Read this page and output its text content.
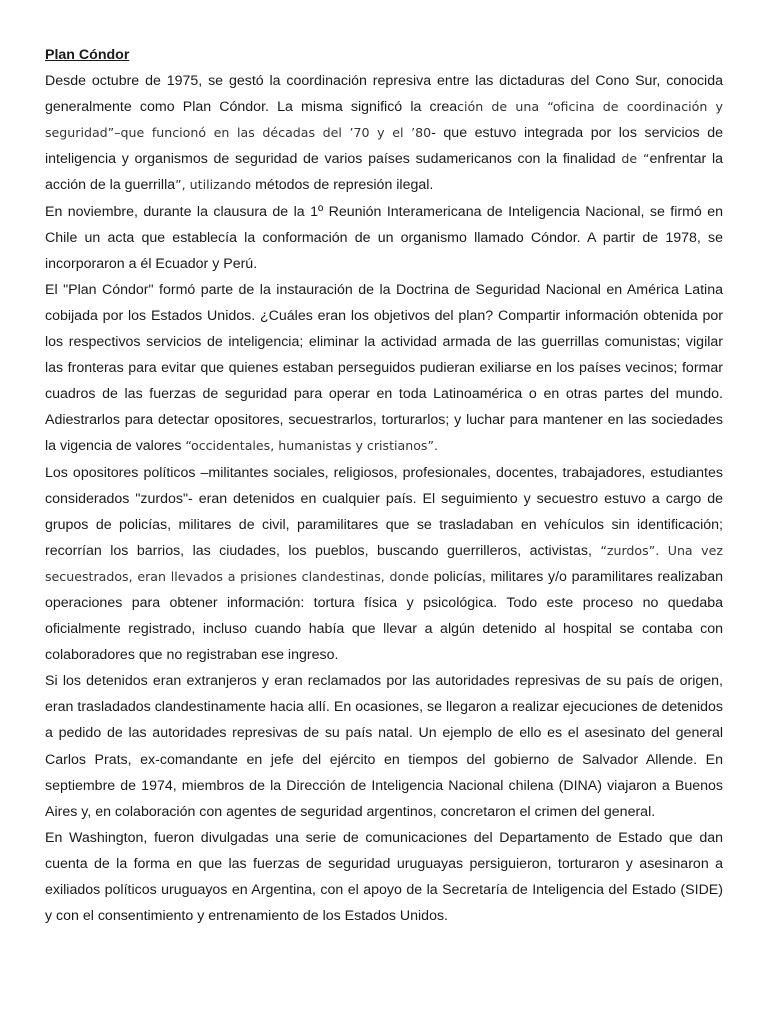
Plan Cóndor

Desde octubre de 1975, se gestó la coordinación represiva entre las dictaduras del Cono Sur, conocida generalmente como Plan Cóndor. La misma significó la creación de una “oficina de coordinación y seguridad”–que funcionó en las décadas del ’70 y el ’80- que estuvo integrada por los servicios de inteligencia y organismos de seguridad de varios países sudamericanos con la finalidad de “enfrentar la acción de la guerrilla”, utilizando métodos de represión ilegal.

En noviembre, durante la clausura de la 1º Reunión Interamericana de Inteligencia Nacional, se firmó en Chile un acta que establecía la conformación de un organismo llamado Cóndor. A partir de 1978, se incorporaron a él Ecuador y Perú.

El "Plan Cóndor" formó parte de la instauración de la Doctrina de Seguridad Nacional en América Latina cobijada por los Estados Unidos. ¿Cuáles eran los objetivos del plan? Compartir información obtenida por los respectivos servicios de inteligencia; eliminar la actividad armada de las guerrillas comunistas; vigilar las fronteras para evitar que quienes estaban perseguidos pudieran exiliarse en los países vecinos; formar cuadros de las fuerzas de seguridad para operar en toda Latinoamérica o en otras partes del mundo. Adiestrarlos para detectar opositores, secuestrarlos, torturarlos; y luchar para mantener en las sociedades la vigencia de valores “occidentales, humanistas y cristianos”.

Los opositores políticos –militantes sociales, religiosos, profesionales, docentes, trabajadores, estudiantes considerados "zurdos"- eran detenidos en cualquier país. El seguimiento y secuestro estuvo a cargo de grupos de policías, militares de civil, paramilitares que se trasladaban en vehículos sin identificación; recorrían los barrios, las ciudades, los pueblos, buscando guerrilleros, activistas, “zurdos”. Una vez secuestrados, eran llevados a prisiones clandestinas, donde policías, militares y/o paramilitares realizaban operaciones para obtener información: tortura física y psicológica. Todo este proceso no quedaba oficialmente registrado, incluso cuando había que llevar a algún detenido al hospital se contaba con colaboradores que no registraban ese ingreso.

Si los detenidos eran extranjeros y eran reclamados por las autoridades represivas de su país de origen, eran trasladados clandestinamente hacia allí. En ocasiones, se llegaron a realizar ejecuciones de detenidos a pedido de las autoridades represivas de su país natal. Un ejemplo de ello es el asesinato del general Carlos Prats, ex-comandante en jefe del ejército en tiempos del gobierno de Salvador Allende. En septiembre de 1974, miembros de la Dirección de Inteligencia Nacional chilena (DINA) viajaron a Buenos Aires y, en colaboración con agentes de seguridad argentinos, concretaron el crimen del general.

En Washington, fueron divulgadas una serie de comunicaciones del Departamento de Estado que dan cuenta de la forma en que las fuerzas de seguridad uruguayas persiguieron, torturaron y asesinaron a exiliados políticos uruguayos en Argentina, con el apoyo de la Secretaría de Inteligencia del Estado (SIDE) y con el consentimiento y entrenamiento de los Estados Unidos.
